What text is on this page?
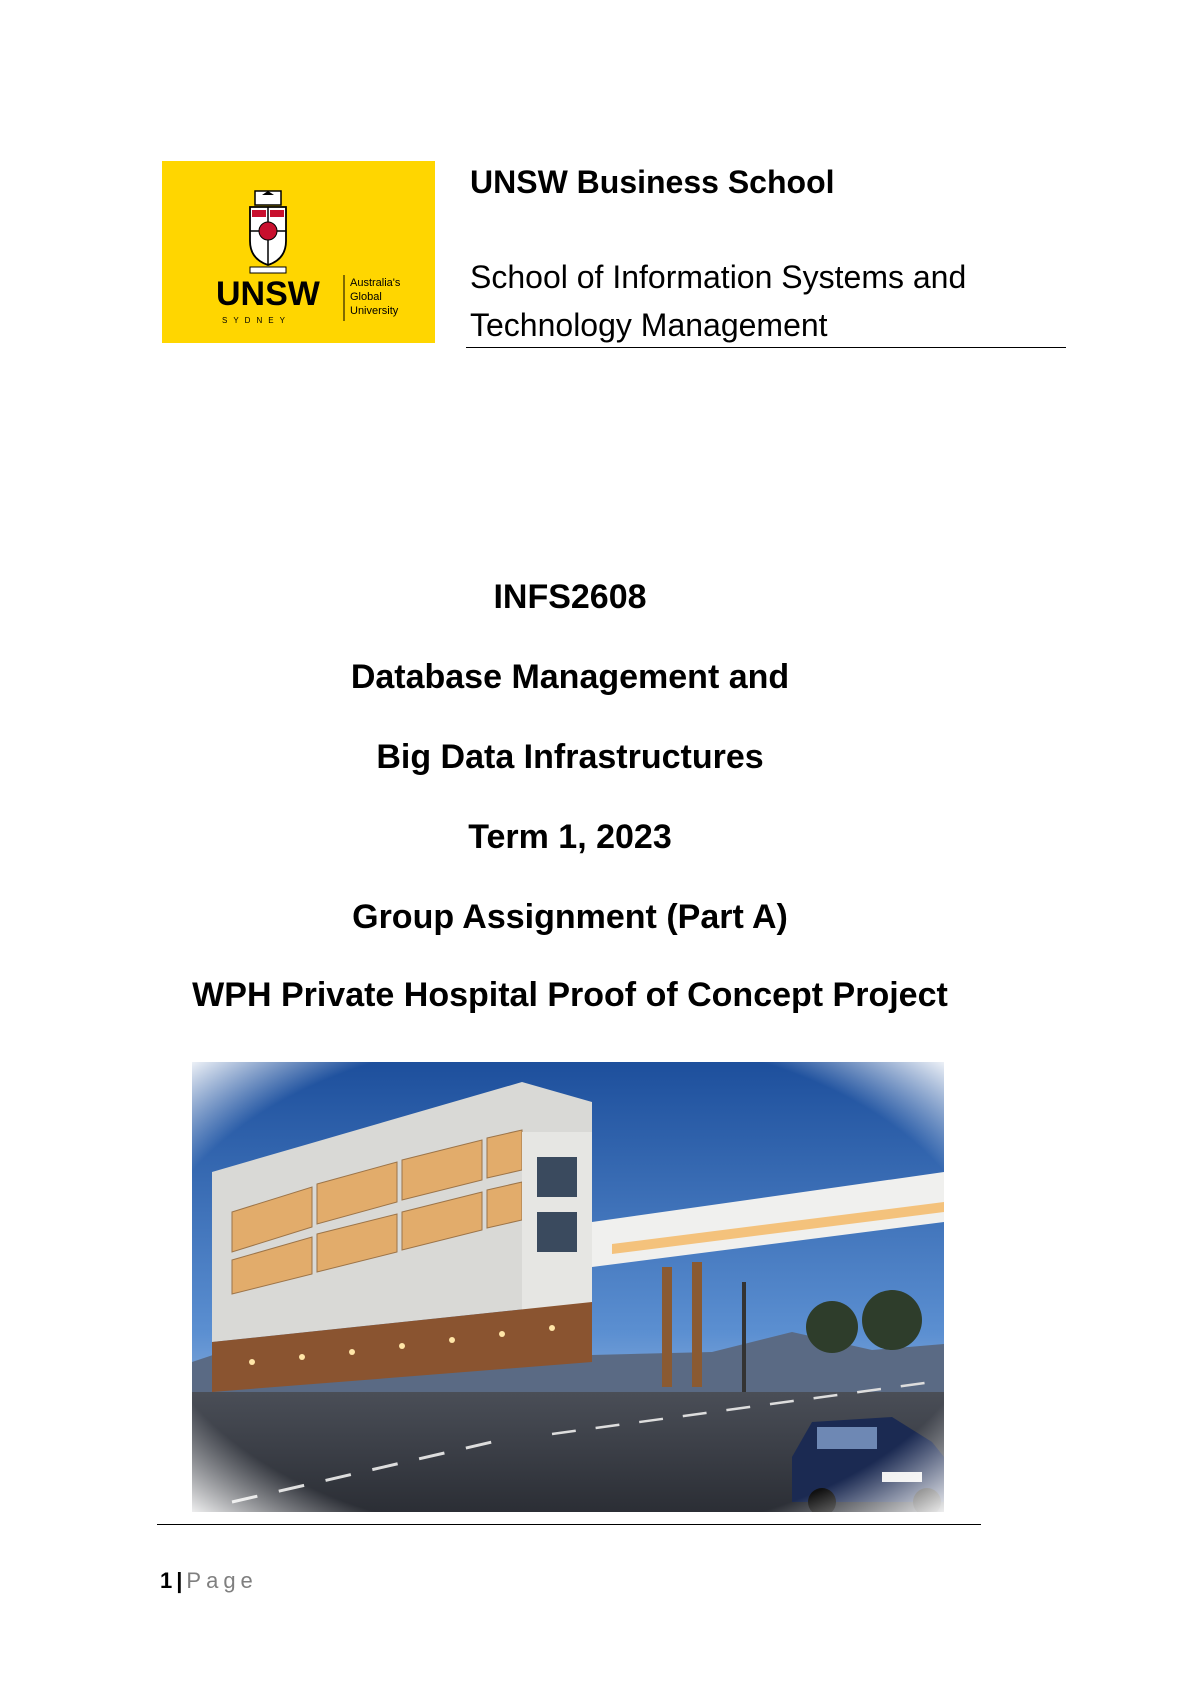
UNSW
SYDNEY
Australia's
Global
University
UNSW Business School
School of Information Systems and
Technology Management
INFS2608
Database Management and
Big Data Infrastructures
Term 1, 2023
Group Assignment (Part A)
WPH Private Hospital Proof of Concept Project
1 | Page
